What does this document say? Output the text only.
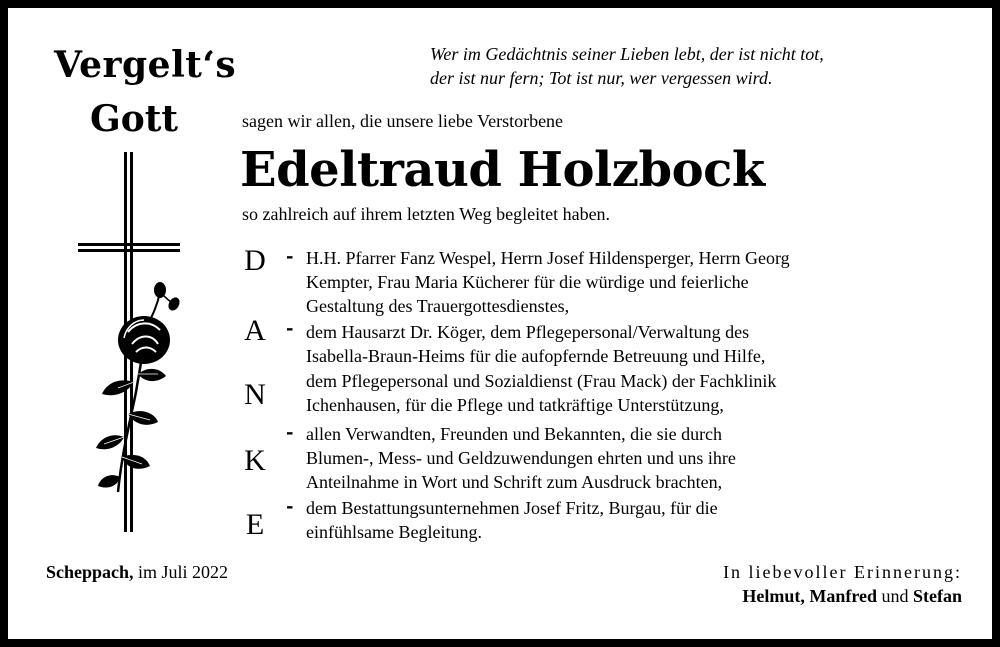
Vergelt‘s
Gott
Wer im Gedächtnis seiner Lieben lebt, der ist nicht tot,
der ist nur fern; Tot ist nur, wer vergessen wird.
sagen wir allen, die unsere liebe Verstorbene
Edeltraud Holzbock
so zahlreich auf ihrem letzten Weg begleitet haben.
D
A
N
K
E
-
-
-
-
H.H. Pfarrer Fanz Wespel, Herrn Josef Hildensperger, Herrn Georg
Kempter, Frau Maria Kücherer für die würdige und feierliche
Gestaltung des Trauergottesdienstes,
dem Hausarzt Dr. Köger, dem Pflegepersonal/Verwaltung des
Isabella-Braun-Heims für die aufopfernde Betreuung und Hilfe,
dem Pflegepersonal und Sozialdienst (Frau Mack) der Fachklinik
Ichenhausen, für die Pflege und tatkräftige Unterstützung,
allen Verwandten, Freunden und Bekannten, die sie durch
Blumen-, Mess- und Geldzuwendungen ehrten und uns ihre
Anteilnahme in Wort und Schrift zum Ausdruck brachten,
dem Bestattungsunternehmen Josef Fritz, Burgau, für die
einfühlsame Begleitung.
Scheppach, im Juli 2022	In liebevoller Erinnerung:
Helmut, Manfred und Stefan
